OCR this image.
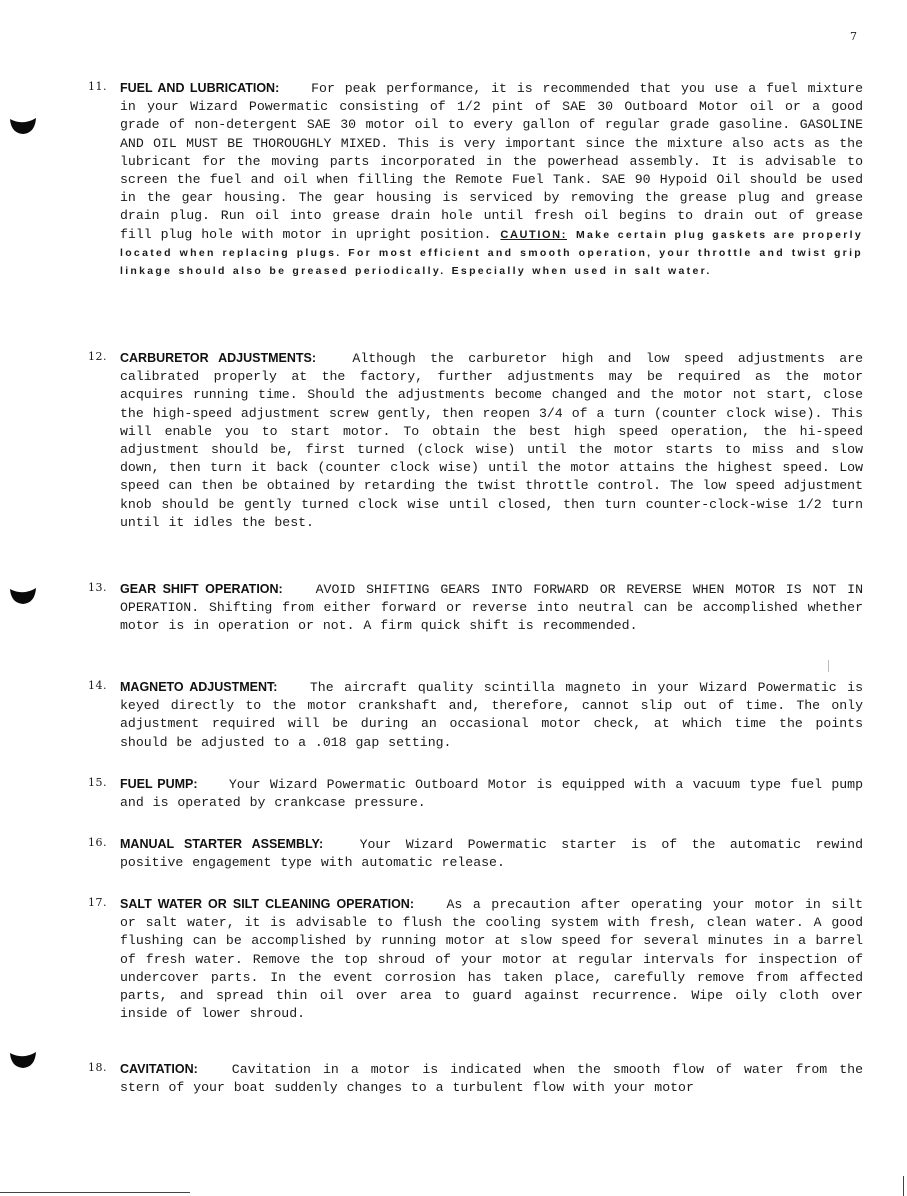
7
11. FUEL AND LUBRICATION: For peak performance, it is recommended that you use a fuel mixture in your Wizard Powermatic consisting of 1/2 pint of SAE 30 Outboard Motor oil or a good grade of non-detergent SAE 30 motor oil to every gallon of regular grade gasoline. GASOLINE AND OIL MUST BE THOROUGHLY MIXED. This is very important since the mixture also acts as the lubricant for the moving parts incorporated in the powerhead assembly. It is advisable to screen the fuel and oil when filling the Remote Fuel Tank. SAE 90 Hypoid Oil should be used in the gear housing. The gear housing is serviced by removing the grease plug and grease drain plug. Run oil into grease drain hole until fresh oil begins to drain out of grease fill plug hole with motor in upright position. CAUTION: Make certain plug gaskets are properly located when replacing plugs. For most efficient and smooth operation, your throttle and twist grip linkage should also be greased periodically. Especially when used in salt water.

12. CARBURETOR ADJUSTMENTS:	Although the carburetor high and low speed adjustments are calibrated properly at the factory, further adjustments may be required as the motor acquires running time. Should the adjustments become changed and the motor not start, close the high-speed adjustment screw gently, then reopen 3/4 of a turn (counter clock wise). This will enable you to start motor. To obtain the best high speed operation, the hi-speed adjustment should be, first turned (clock wise) until the motor starts to miss and slow down, then turn it back (counter clock wise) until the motor attains the highest speed. Low speed can then be obtained by retarding the twist throttle control. The low speed adjustment knob should be gently turned clock wise until closed, then turn counter-clock-wise 1/2 turn until it idles the best.

13. GEAR SHIFT OPERATION: AVOID SHIFTING GEARS INTO FORWARD OR REVERSE WHEN MOTOR IS NOT IN OPERATION. Shifting from either forward or reverse into neutral can be accomplished whether motor is in operation or not. A firm quick shift is recommended.

14. MAGNETO ADJUSTMENT: The aircraft quality scintilla magneto in your Wizard Powermatic is keyed directly to the motor crankshaft and, therefore, cannot slip out of time. The only adjustment required will be during an occasional motor check, at which time the points should be adjusted to a .018 gap setting.

15. FUEL PUMP: Your Wizard Powermatic Outboard Motor is equipped with a vacuum type fuel pump and is operated by crankcase pressure.

16. MANUAL STARTER ASSEMBLY:	Your Wizard Powermatic starter is of the automatic rewind positive engagement type with automatic release.

17. SALT WATER OR SILT CLEANING OPERATION: As a precaution after operating your motor in silt or salt water, it is advisable to flush the cooling system with fresh, clean water. A good flushing can be accomplished by running motor at slow speed for several minutes in a barrel of fresh water. Remove the top shroud of your motor at regular intervals for inspection of undercover parts. In the event corrosion has taken place, carefully remove from affected parts, and spread thin oil over area to guard against recurrence. Wipe oily cloth over inside of lower shroud.

18. CAVITATION:	Cavitation in a motor is indicated when the smooth flow of water from the stern of your boat suddenly changes to a turbulent flow with your motor
